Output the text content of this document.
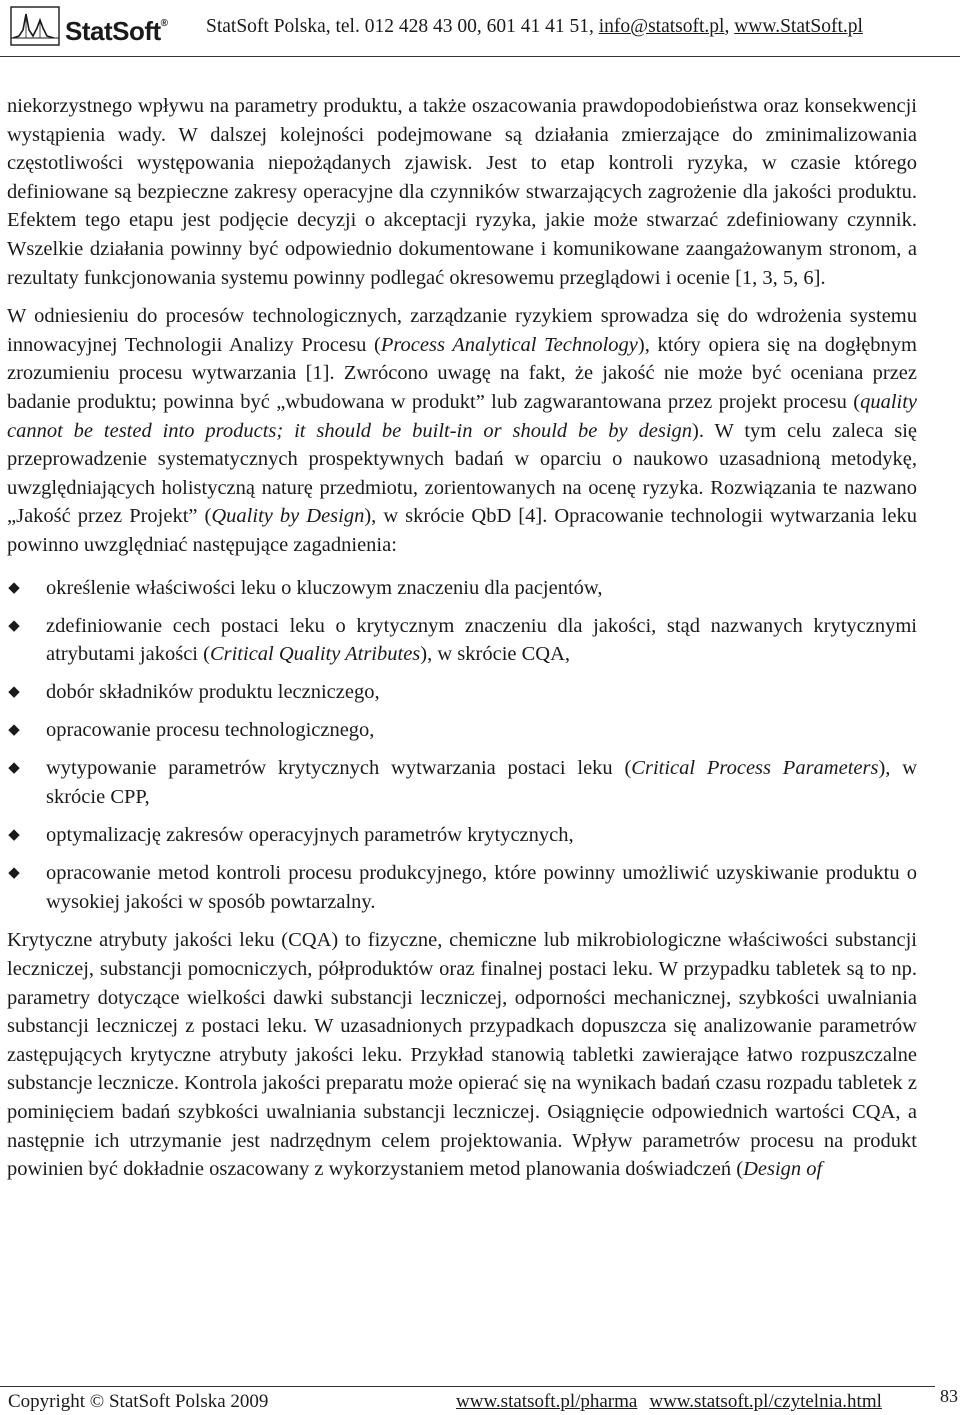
StatSoft® StatSoft Polska, tel. 012 428 43 00, 601 41 41 51, info@statsoft.pl, www.StatSoft.pl

niekorzystnego wpływu na parametry produktu, a także oszacowania prawdopodobieństwa oraz konsekwencji wystąpienia wady. W dalszej kolejności podejmowane są działania zmierzające do zminimalizowania częstotliwości występowania niepożądanych zjawisk. Jest to etap kontroli ryzyka, w czasie którego definiowane są bezpieczne zakresy operacyjne dla czynników stwarzających zagrożenie dla jakości produktu. Efektem tego etapu jest podjęcie decyzji o akceptacji ryzyka, jakie może stwarzać zdefiniowany czynnik. Wszelkie działania powinny być odpowiednio dokumentowane i komunikowane zaangażowanym stronom, a rezultaty funkcjonowania systemu powinny podlegać okresowemu przeglądowi i ocenie [1, 3, 5, 6].

W odniesieniu do procesów technologicznych, zarządzanie ryzykiem sprowadza się do wdrożenia systemu innowacyjnej Technologii Analizy Procesu (Process Analytical Technology), który opiera się na dogłębnym zrozumieniu procesu wytwarzania [1]. Zwrócono uwagę na fakt, że jakość nie może być oceniana przez badanie produktu; powinna być „wbudowana w produkt” lub zagwarantowana przez projekt procesu (quality cannot be tested into products; it should be built-in or should be by design). W tym celu zaleca się przeprowadzenie systematycznych prospektywnych badań w oparciu o naukowo uzasadnioną metodykę, uwzględniających holistyczną naturę przedmiotu, zorientowanych na ocenę ryzyka. Rozwiązania te nazwano „Jakość przez Projekt” (Quality by Design), w skrócie QbD [4]. Opracowanie technologii wytwarzania leku powinno uwzględniać następujące zagadnienia:

◆ określenie właściwości leku o kluczowym znaczeniu dla pacjentów,
◆ zdefiniowanie cech postaci leku o krytycznym znaczeniu dla jakości, stąd nazwanych krytycznymi atrybutami jakości (Critical Quality Atributes), w skrócie CQA,
◆ dobór składników produktu leczniczego,
◆ opracowanie procesu technologicznego,
◆ wytypowanie parametrów krytycznych wytwarzania postaci leku (Critical Process Parameters), w skrócie CPP,
◆ optymalizację zakresów operacyjnych parametrów krytycznych,
◆ opracowanie metod kontroli procesu produkcyjnego, które powinny umożliwić uzyskiwanie produktu o wysokiej jakości w sposób powtarzalny.

Krytyczne atrybuty jakości leku (CQA) to fizyczne, chemiczne lub mikrobiologiczne właściwości substancji leczniczej, substancji pomocniczych, półproduktów oraz finalnej postaci leku. W przypadku tabletek są to np. parametry dotyczące wielkości dawki substancji leczniczej, odporności mechanicznej, szybkości uwalniania substancji leczniczej z postaci leku. W uzasadnionych przypadkach dopuszcza się analizowanie parametrów zastępujących krytyczne atrybuty jakości leku. Przykład stanowią tabletki zawierające łatwo rozpuszczalne substancje lecznicze. Kontrola jakości preparatu może opierać się na wynikach badań czasu rozpadu tabletek z pominięciem badań szybkości uwalniania substancji leczniczej. Osiągnięcie odpowiednich wartości CQA, a następnie ich utrzymanie jest nadrzędnym celem projektowania. Wpływ parametrów procesu na produkt powinien być dokładnie oszacowany z wykorzystaniem metod planowania doświadczeń (Design of

Copyright © StatSoft Polska 2009	www.statsoft.pl/pharma www.statsoft.pl/czytelnia.html	83
